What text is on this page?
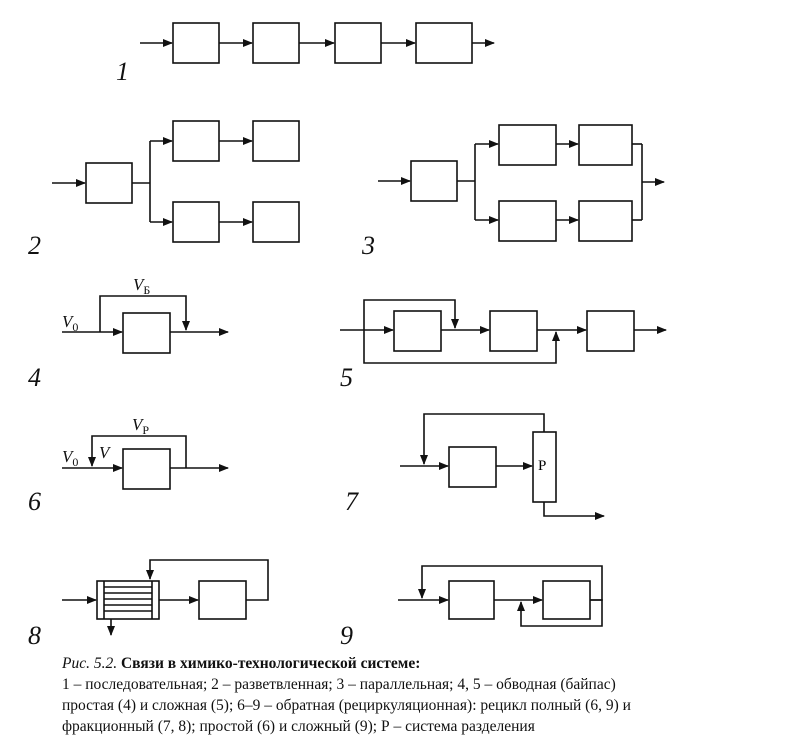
1
2	3
4	5
6	7
8	9
$V_0$
$V_Б$
$V_0$ V
$V_Р$
P
Рис. 5.2. Связи в химико-технологической системе:
1 – последовательная; 2 – разветвленная; 3 – параллельная; 4, 5 – обводная (байпас)
простая (4) и сложная (5); 6–9 – обратная (рециркуляционная): рецикл полный (6, 9) и
фракционный (7, 8); простой (6) и сложный (9); Р – система разделения
